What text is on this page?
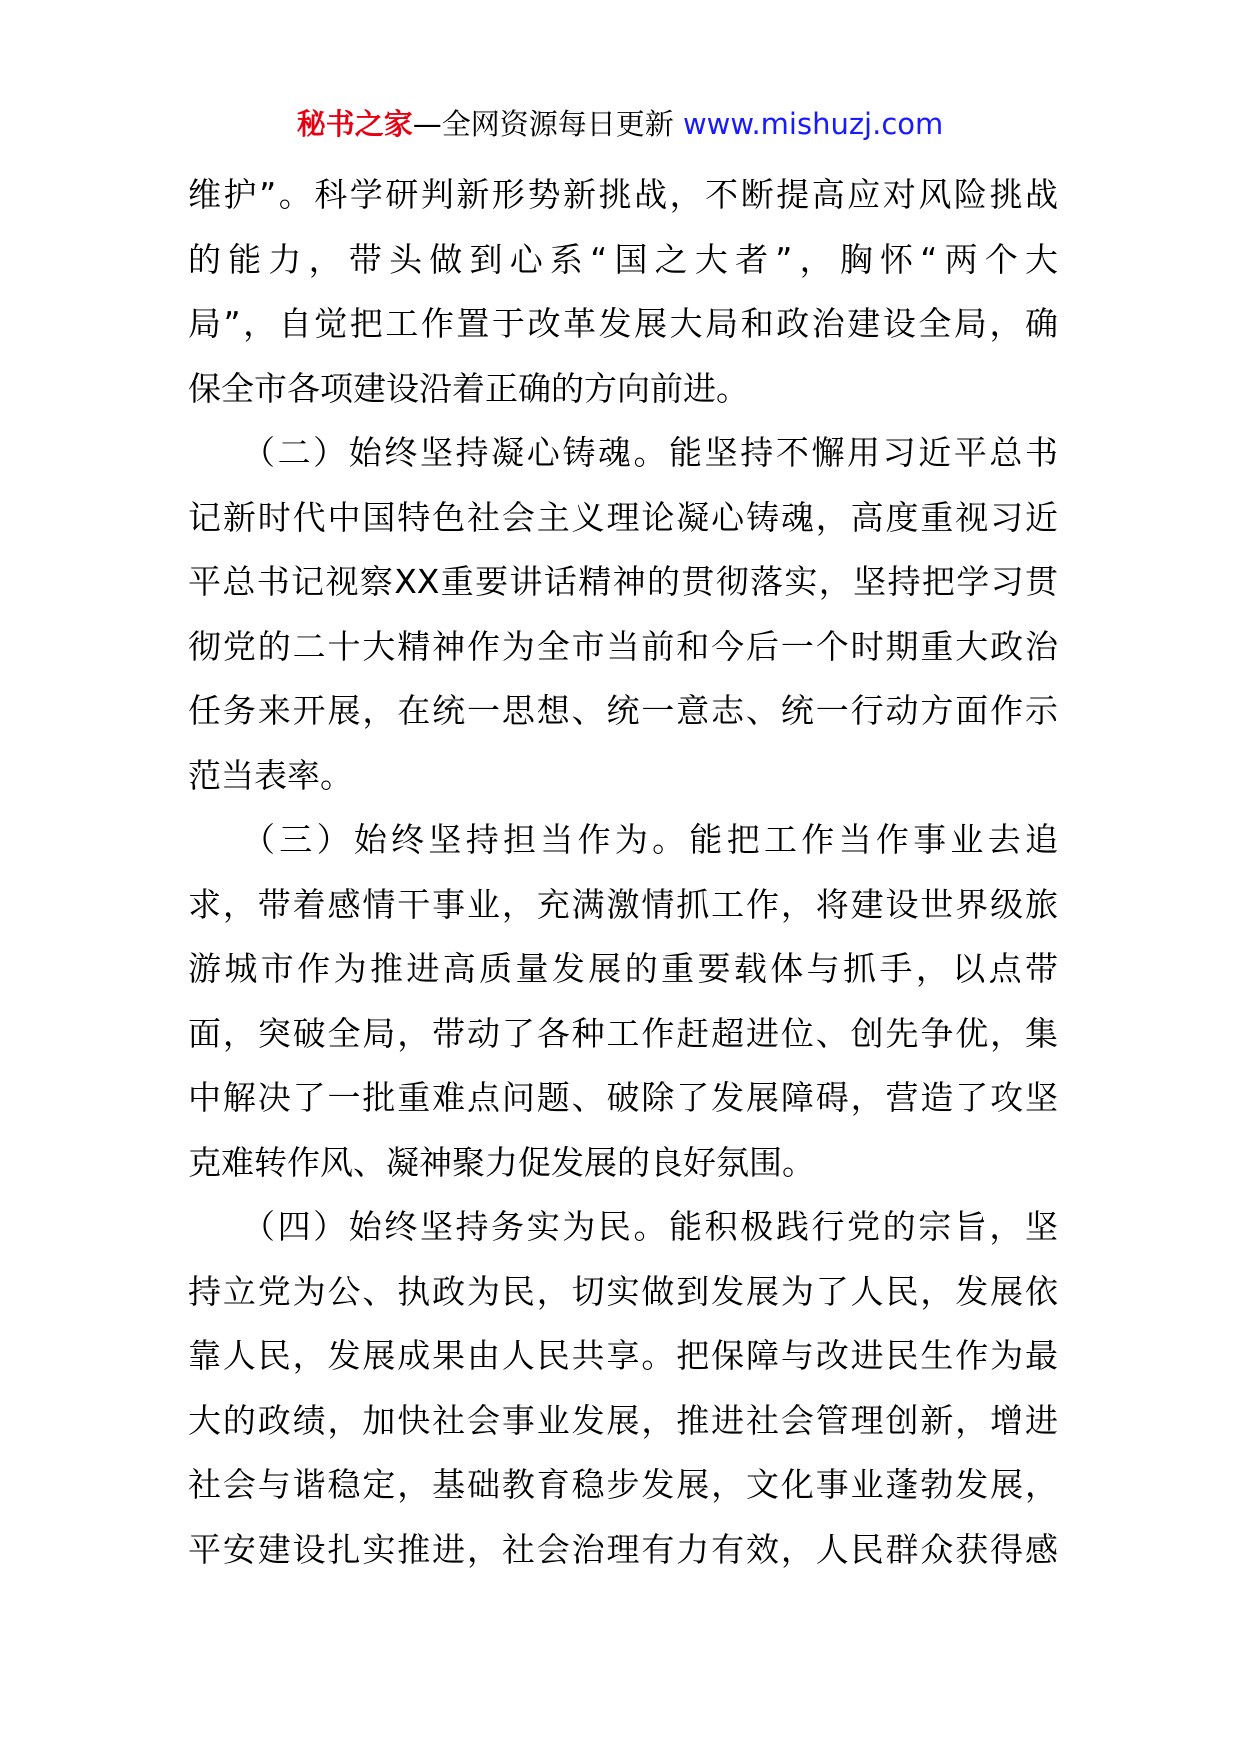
秘书之家—全网资源每日更新 www.mishuzj.com
维护”。科学研判新形势新挑战，不断提高应对风险挑战
的能力，带头做到心系“国之大者”，胸怀“两个大
局”，自觉把工作置于改革发展大局和政治建设全局，确
保全市各项建设沿着正确的方向前进。
（二）始终坚持凝心铸魂。能坚持不懈用习近平总书
记新时代中国特色社会主义理论凝心铸魂，高度重视习近
平总书记视察XX重要讲话精神的贯彻落实，坚持把学习贯
彻党的二十大精神作为全市当前和今后一个时期重大政治
任务来开展，在统一思想、统一意志、统一行动方面作示
范当表率。
（三）始终坚持担当作为。能把工作当作事业去追
求，带着感情干事业，充满激情抓工作，将建设世界级旅
游城市作为推进高质量发展的重要载体与抓手，以点带
面，突破全局，带动了各种工作赶超进位、创先争优，集
中解决了一批重难点问题、破除了发展障碍，营造了攻坚
克难转作风、凝神聚力促发展的良好氛围。
（四）始终坚持务实为民。能积极践行党的宗旨，坚
持立党为公、执政为民，切实做到发展为了人民，发展依
靠人民，发展成果由人民共享。把保障与改进民生作为最
大的政绩，加快社会事业发展，推进社会管理创新，增进
社会与谐稳定，基础教育稳步发展，文化事业蓬勃发展，
平安建设扎实推进，社会治理有力有效，人民群众获得感
